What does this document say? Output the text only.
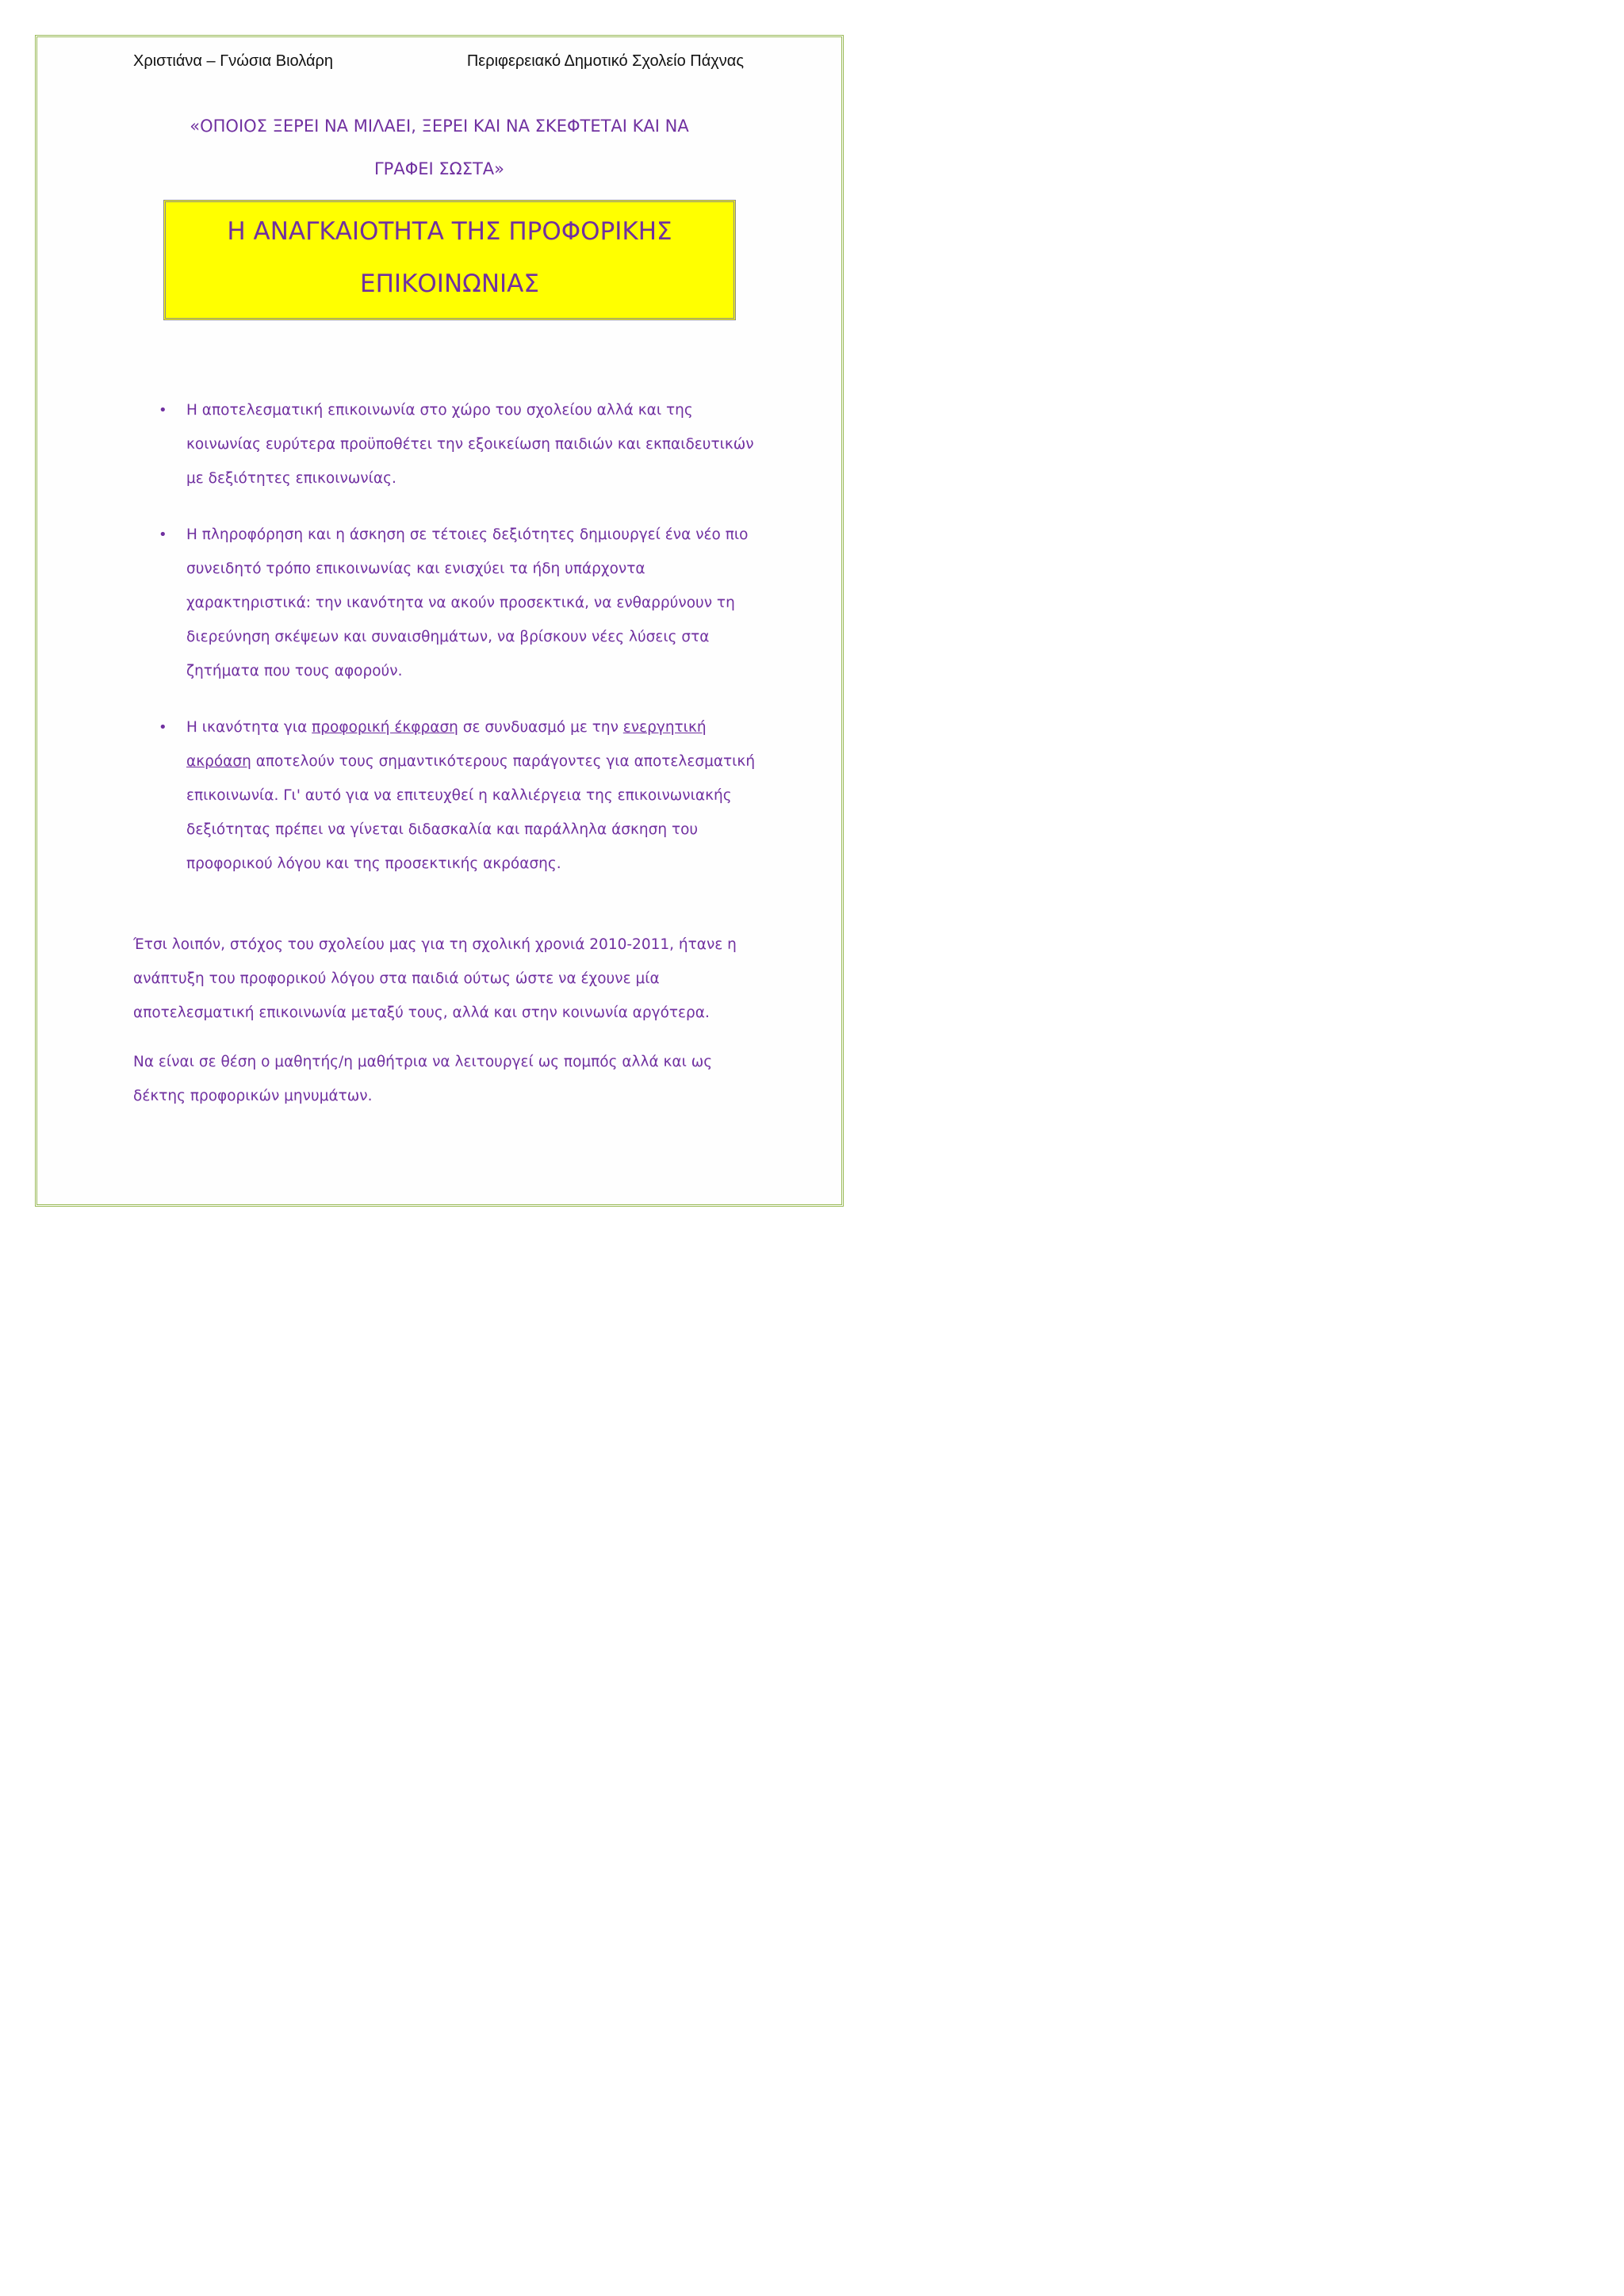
Χριστιάνα – Γνώσια Βιολάρη	Περιφερειακό Δημοτικό Σχολείο Πάχνας
«ΟΠΟΙΟΣ ΞΕΡΕΙ ΝΑ ΜΙΛΑΕΙ, ΞΕΡΕΙ ΚΑΙ ΝΑ ΣΚΕΦΤΕΤΑΙ ΚΑΙ ΝΑ
ΓΡΑΦΕΙ ΣΩΣΤΑ»
Η ΑΝΑΓΚΑΙΟΤΗΤΑ ΤΗΣ ΠΡΟΦΟΡΙΚΗΣ
ΕΠΙΚΟΙΝΩΝΙΑΣ
• Η αποτελεσματική επικοινωνία στο χώρο του σχολείου αλλά και της κοινωνίας ευρύτερα προϋποθέτει την εξοικείωση παιδιών και εκπαιδευτικών με δεξιότητες επικοινωνίας.
• Η πληροφόρηση και η άσκηση σε τέτοιες δεξιότητες δημιουργεί ένα νέο πιο συνειδητό τρόπο επικοινωνίας και ενισχύει τα ήδη υπάρχοντα χαρακτηριστικά: την ικανότητα να ακούν προσεκτικά, να ενθαρρύνουν τη διερεύνηση σκέψεων και συναισθημάτων, να βρίσκουν νέες λύσεις στα ζητήματα που τους αφορούν.
• Η ικανότητα για προφορική έκφραση σε συνδυασμό με την ενεργητική ακρόαση αποτελούν τους σημαντικότερους παράγοντες για αποτελεσματική επικοινωνία. Γι' αυτό για να επιτευχθεί η καλλιέργεια της επικοινωνιακής δεξιότητας πρέπει να γίνεται διδασκαλία και παράλληλα άσκηση του προφορικού λόγου και της προσεκτικής ακρόασης.

Έτσι λοιπόν, στόχος του σχολείου μας για τη σχολική χρονιά 2010-2011, ήτανε η ανάπτυξη του προφορικού λόγου στα παιδιά ούτως ώστε να έχουνε μία αποτελεσματική επικοινωνία μεταξύ τους, αλλά και στην κοινωνία αργότερα.

Να είναι σε θέση ο μαθητής/η μαθήτρια να λειτουργεί ως πομπός αλλά και ως δέκτης προφορικών μηνυμάτων.
